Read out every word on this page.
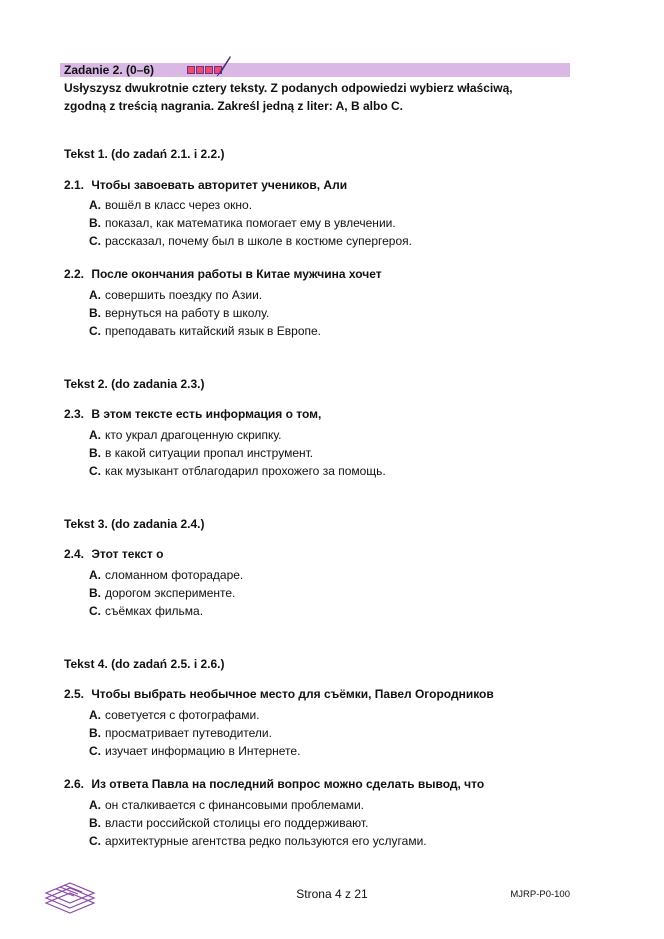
Zadanie 2. (0–6)
Usłyszysz dwukrotnie cztery teksty. Z podanych odpowiedzi wybierz właściwą,
zgodną z treścią nagrania. Zakreśl jedną z liter: A, B albo C.
Tekst 1. (do zadań 2.1. i 2.2.)
2.1. Чтобы завоевать авторитет учеников, Али
A. вошёл в класс через окно.
B. показал, как математика помогает ему в увлечении.
C. рассказал, почему был в школе в костюме супергероя.
2.2. После окончания работы в Китае мужчина хочет
A. совершить поездку по Азии.
B. вернуться на работу в школу.
C. преподавать китайский язык в Европе.
Tekst 2. (do zadania 2.3.)
2.3. В этом тексте есть информация о том,
A. кто украл драгоценную скрипку.
B. в какой ситуации пропал инструмент.
C. как музыкант отблагодарил прохожего за помощь.
Tekst 3. (do zadania 2.4.)
2.4. Этот текст о
A. сломанном фоторадаре.
B. дорогом эксперименте.
C. съёмках фильма.
Tekst 4. (do zadań 2.5. i 2.6.)
2.5. Чтобы выбрать необычное место для съёмки, Павел Огородников
A. советуется с фотографами.
B. просматривает путеводители.
C. изучает информацию в Интернете.
2.6. Из ответа Павла на последний вопрос можно сделать вывод, что
A. он сталкивается с финансовыми проблемами.
B. власти российской столицы его поддерживают.
C. архитектурные агентства редко пользуются его услугами.
Strona 4 z 21	MJRP-P0-100
